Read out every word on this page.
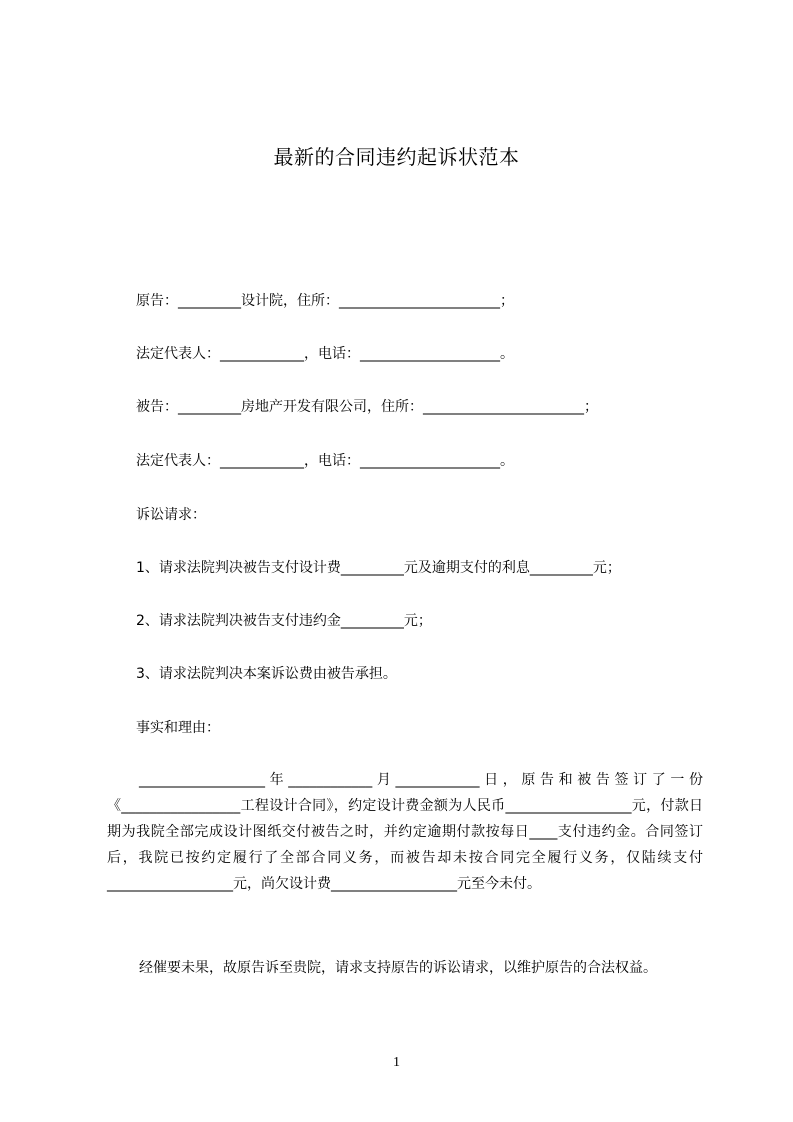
最新的合同违约起诉状范本
原告：_________设计院，住所：_______________________；
法定代表人：____________，电话：____________________。
被告：_________房地产开发有限公司，住所：_______________________；
法定代表人：____________，电话：____________________。
诉讼请求：
1、请求法院判决被告支付设计费_________元及逾期支付的利息_________元；
2、请求法院判决被告支付违约金_________元；
3、请求法院判决本案诉讼费由被告承担。
事实和理由：
__________________年____________月____________日，原告和被告签订了一份《_________________工程设计合同》，约定设计费金额为人民币__________________元，付款日期为我院全部完成设计图纸交付被告之时，并约定逾期付款按每日____支付违约金。合同签订后，我院已按约定履行了全部合同义务，而被告却未按合同完全履行义务，仅陆续支付__________________元，尚欠设计费__________________元至今未付。
经催要未果，故原告诉至贵院，请求支持原告的诉讼请求，以维护原告的合法权益。
1
